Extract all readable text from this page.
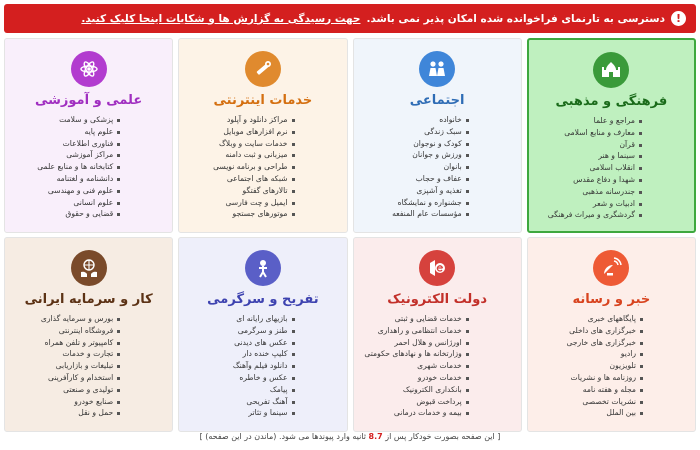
!
دسترسی به تارنمای فراخوانده شده امکان پذیر نمی باشد.
جهت رسیدگی به گزارش ها و شکایات اینجا کلیک کنید.
فرهنگی و مذهبی
مراجع و علما
معارف و منابع اسلامی
قرآن
سینما و هنر
انقلاب اسلامی
شهدا و دفاع مقدس
جندرسانه مذهبی
ادبیات و شعر
گردشگری و میراث فرهنگی
اجتماعی
خانواده
سبک زندگی
کودک و نوجوان
ورزش و جوانان
بانوان
عفاف و حجاب
تغذیه و آشپزی
جشنواره و نمایشگاه
مؤسسات عام المنفعه
خدمات اینترنتی
مراکز دانلود و آپلود
نرم افزارهای موبایل
خدمات سایت و وبلاگ
میزبانی و ثبت دامنه
طراحی و برنامه نویسی
شبکه های اجتماعی
تالارهای گفتگو
ایمیل و چت فارسی
موتورهای جستجو
علمی و آموزشی
پزشکی و سلامت
علوم پایه
فناوری اطلاعات
مراکز آموزشی
کتابخانه ها و منابع علمی
دانشنامه و لغتنامه
علوم فنی و مهندسی
علوم انسانی
قضایی و حقوق
خبر و رسانه
پایگاههای خبری
خبرگزاری های داخلی
خبرگزاری های خارجی
رادیو
تلویزیون
روزنامه ها و نشریات
مجله و هفته نامه
نشریات تخصصی
بین الملل
دولت الکترونیک
خدمات قضایی و ثبتی
خدمات انتظامی و راهداری
اورژانس و هلال احمر
وزارتخانه ها و نهادهای حکومتی
خدمات شهری
خدمات خودرو
بانکداری الکترونیک
پرداخت قبوض
بیمه و خدمات درمانی
تفریح و سرگرمی
بازیهای رایانه ای
طنز و سرگرمی
عکس های دیدنی
کلیپ خنده دار
دانلود فیلم وآهنگ
عکس و خاطره
پیامک
آهنگ تفریحی
سینما و تئاتر
کار و سرمایه ایرانی
بورس و سرمایه گذاری
فروشگاه اینترنتی
کامپیوتر و تلفن همراه
تجارت و خدمات
تبلیغات و بازاریابی
استخدام و کارآفرینی
تولیدی و صنعتی
صنایع خودرو
حمل و نقل
[ این صفحه بصورت خودکار پس از 8.7 ثانیه وارد پیوندها می شود. (ماندن در این صفحه) ]
